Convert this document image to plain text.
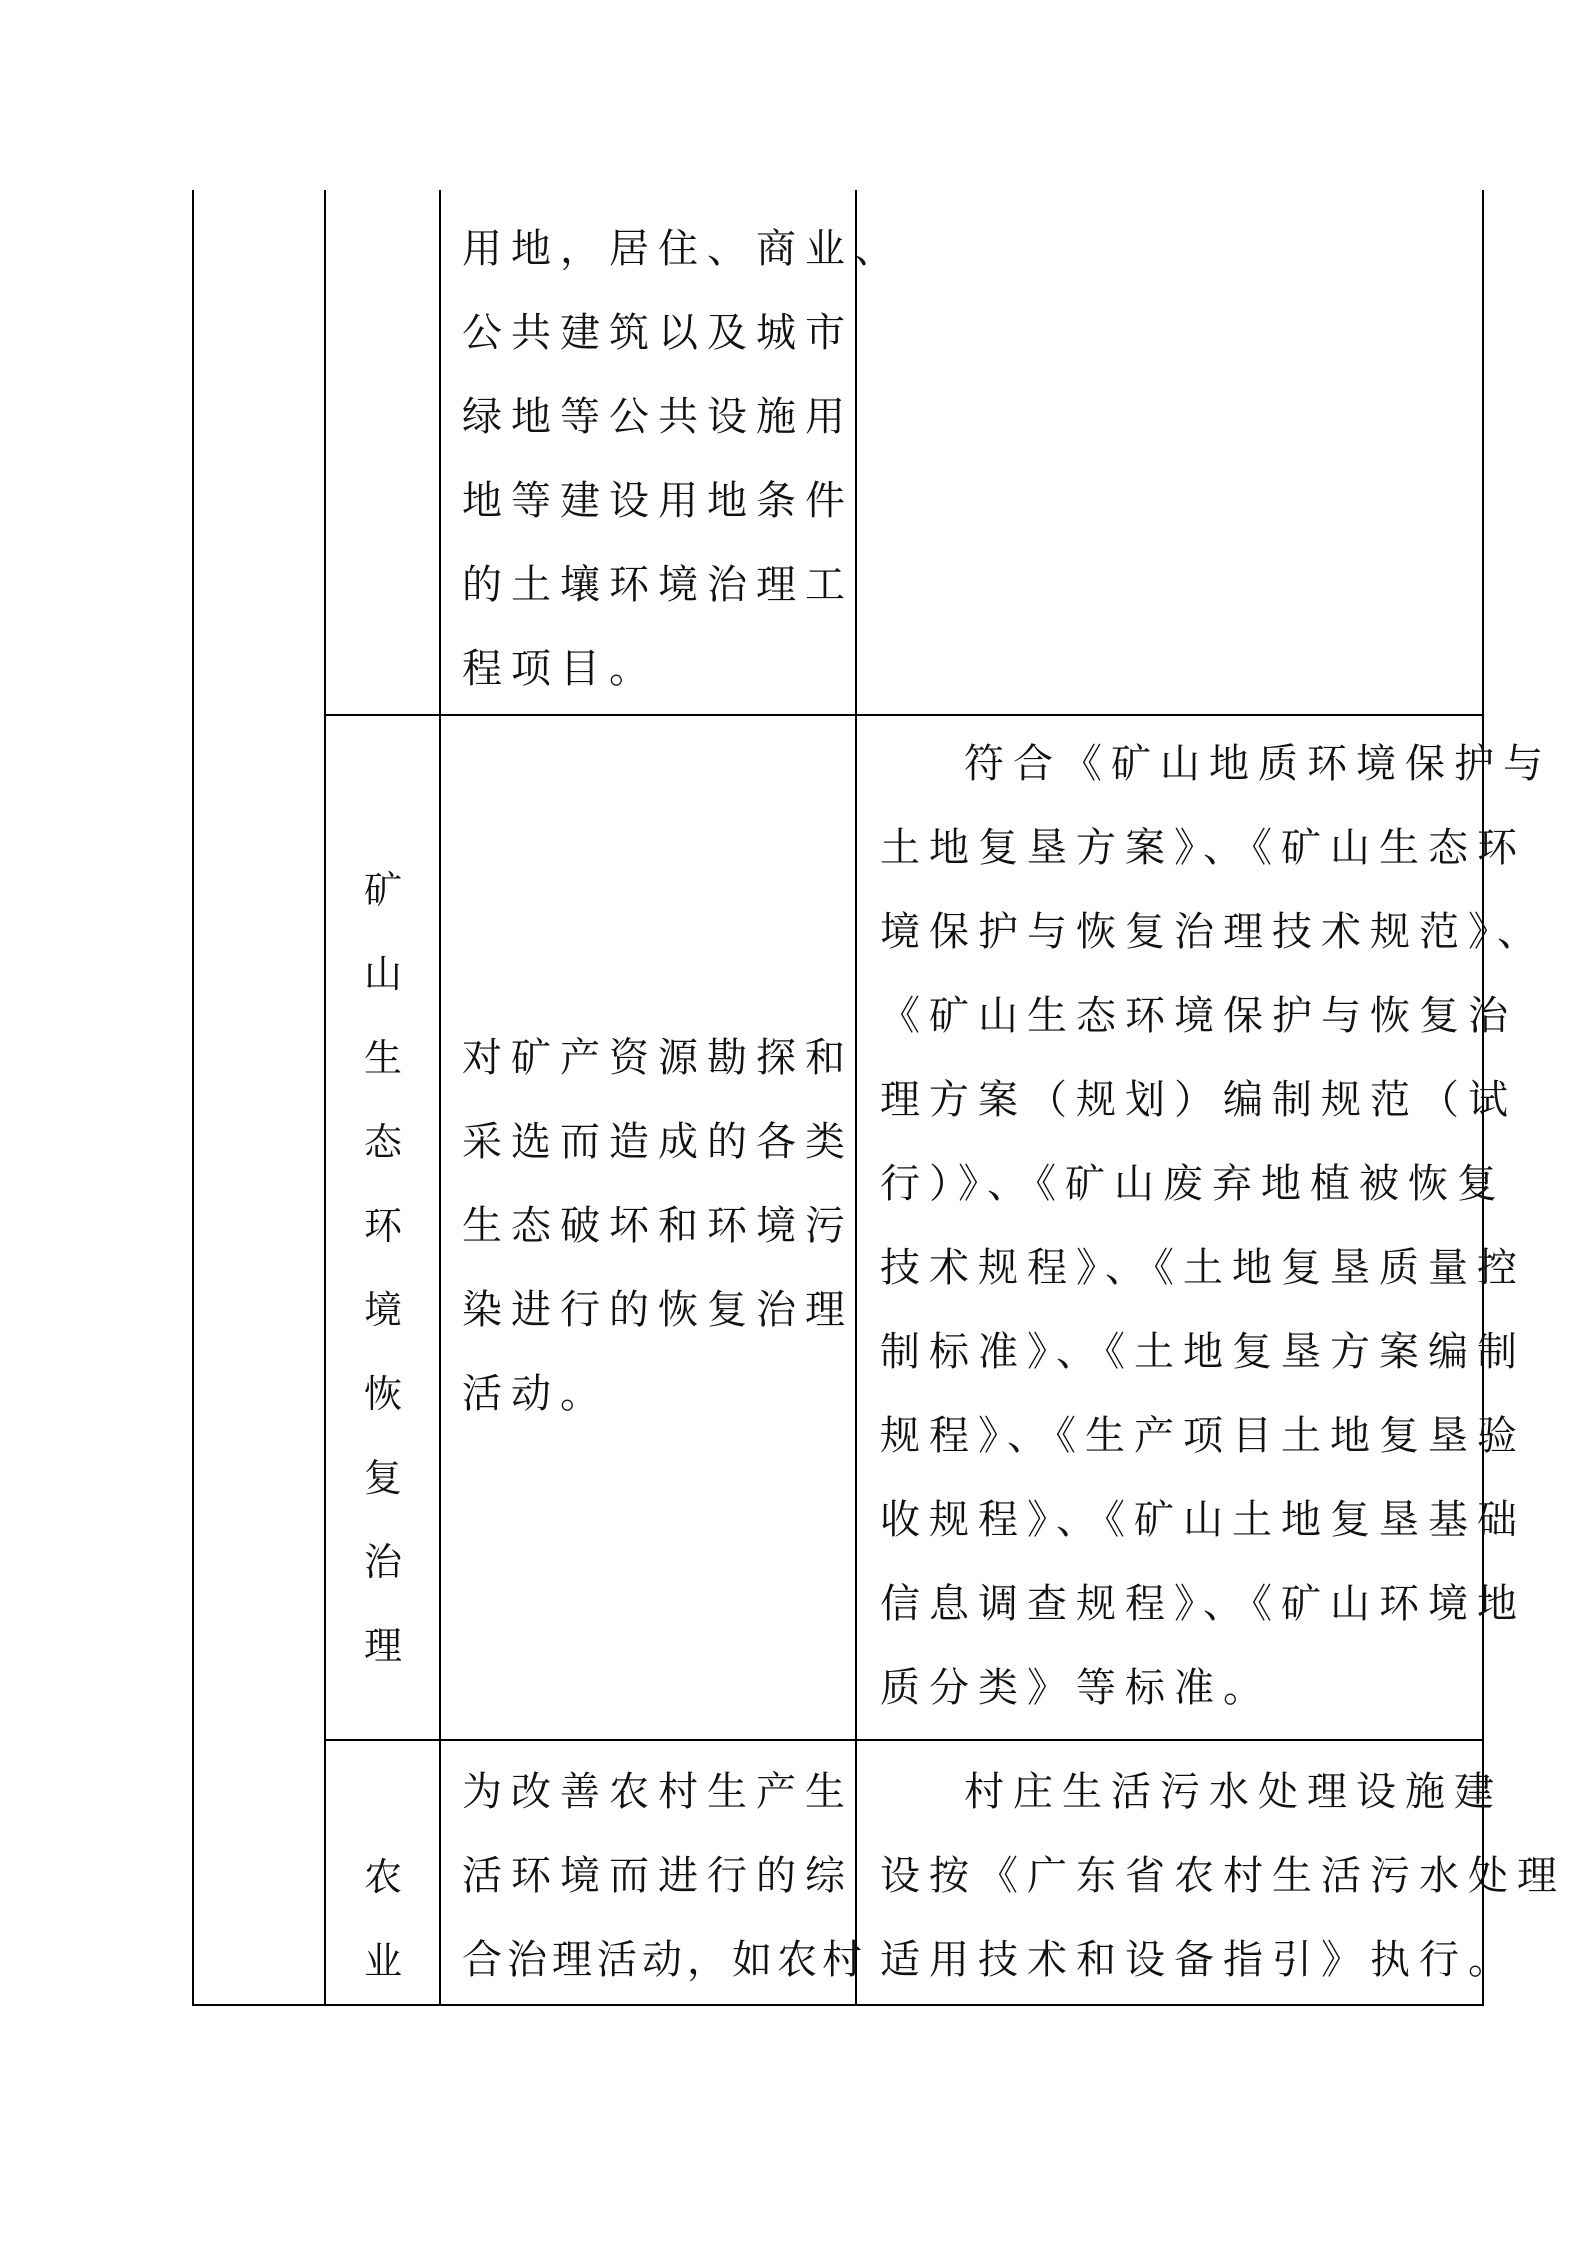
用地，居住、商业、
公共建筑以及城市
绿地等公共设施用
地等建设用地条件
的土壤环境治理工
程项目。
矿
山
生
态
环
境
恢
复
治
理
对矿产资源勘探和
采选而造成的各类
生态破坏和环境污
染进行的恢复治理
活动。
符合《矿山地质环境保护与
土地复垦方案》、《矿山生态环
境保护与恢复治理技术规范》、
《矿山生态环境保护与恢复治
理方案（规划）编制规范（试
行）》、《矿山废弃地植被恢复
技术规程》、《土地复垦质量控
制标准》、《土地复垦方案编制
规程》、《生产项目土地复垦验
收规程》、《矿山土地复垦基础
信息调查规程》、《矿山环境地
质分类》等标准。
农
业
为改善农村生产生
活环境而进行的综
合治理活动，如农村
村庄生活污水处理设施建
设按《广东省农村生活污水处理
适用技术和设备指引》执行。
